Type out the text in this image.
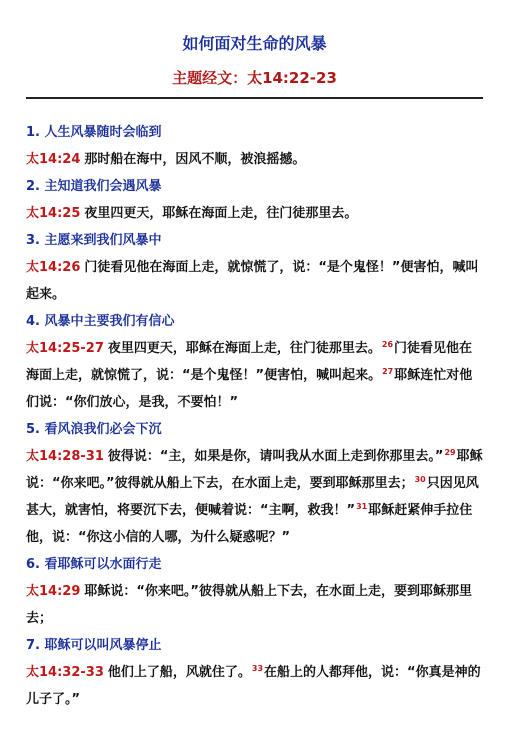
如何面对生命的风暴
主题经文：太14:22-23
1. 人生风暴随时会临到
太14:24 那时船在海中，因风不顺，被浪摇撼。
2. 主知道我们会遇风暴
太14:25 夜里四更天，耶稣在海面上走，往门徒那里去。
3. 主愿来到我们风暴中
太14:26 门徒看见他在海面上走，就惊慌了，说：“是个鬼怪！”便害怕，喊叫起来。
4. 风暴中主要我们有信心
太14:25-27 夜里四更天，耶稣在海面上走，往门徒那里去。$^{26}$门徒看见他在海面上走，就惊慌了，说：“是个鬼怪！”便害怕，喊叫起来。$^{27}$耶稣连忙对他们说：“你们放心，是我，不要怕！”
5. 看风浪我们必会下沉
太14:28-31 彼得说：“主，如果是你，请叫我从水面上走到你那里去。”$^{29}$耶稣说：“你来吧。”彼得就从船上下去，在水面上走，要到耶稣那里去；$^{30}$只因见风甚大，就害怕，将要沉下去，便喊着说：“主啊，救我！”$^{31}$耶稣赶紧伸手拉住他，说：“你这小信的人哪，为什么疑惑呢？”
6. 看耶稣可以水面行走
太14:29 耶稣说：“你来吧。”彼得就从船上下去，在水面上走，要到耶稣那里去；
7. 耶稣可以叫风暴停止
太14:32-33 他们上了船，风就住了。$^{33}$在船上的人都拜他，说：“你真是神的儿子了。”
